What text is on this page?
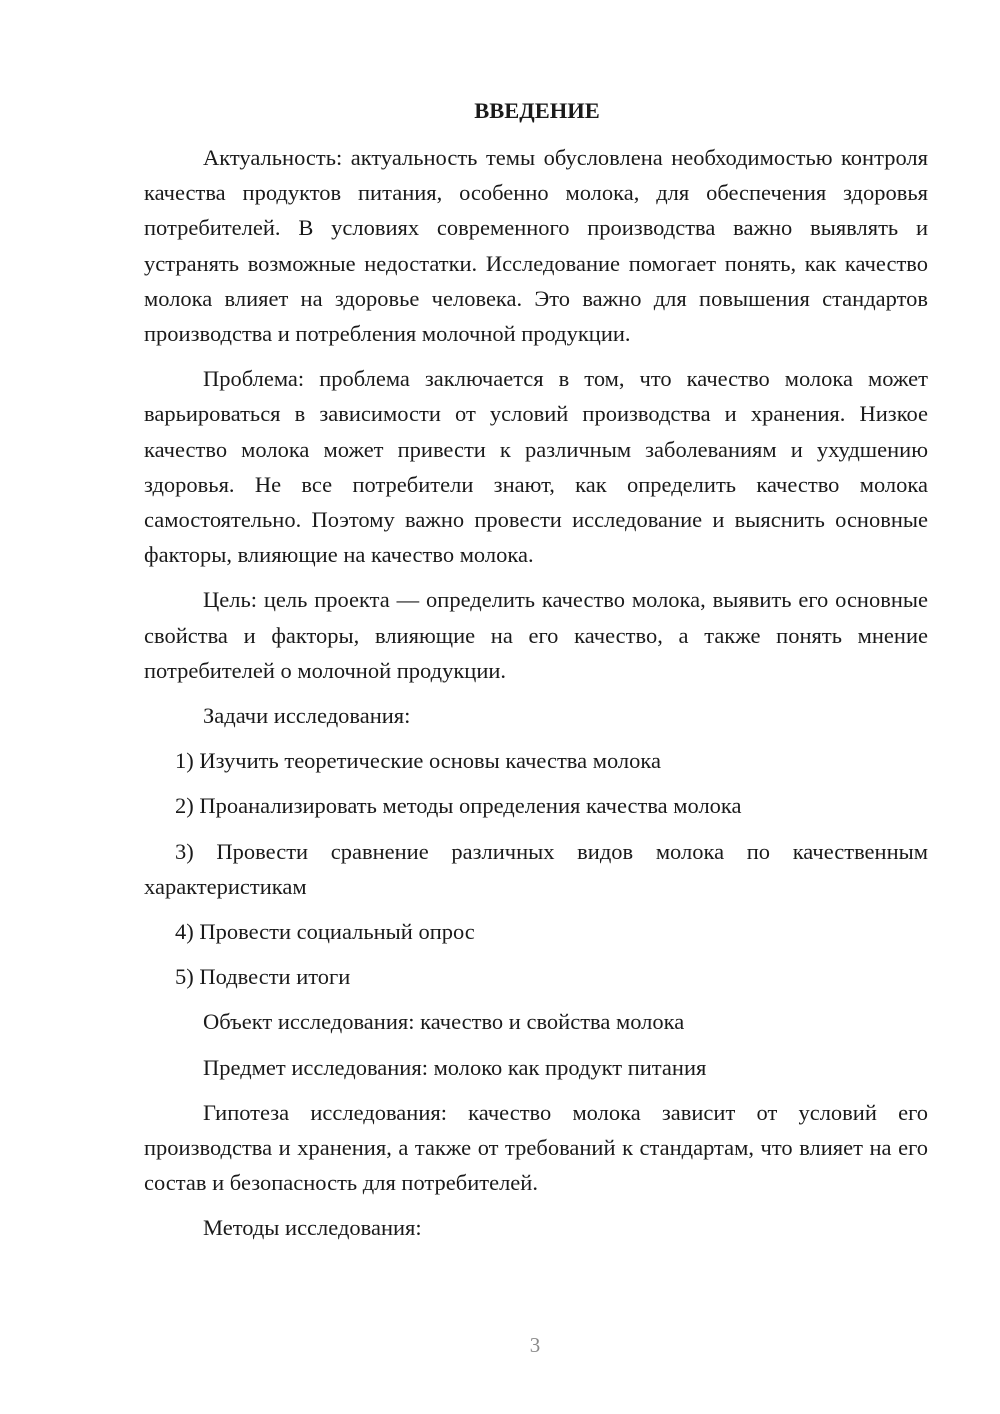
ВВЕДЕНИЕ

Актуальность: актуальность темы обусловлена необходимостью контроля качества продуктов питания, особенно молока, для обеспечения здоровья потребителей. В условиях современного производства важно выявлять и устранять возможные недостатки. Исследование помогает понять, как качество молока влияет на здоровье человека. Это важно для повышения стандартов производства и потребления молочной продукции.

Проблема: проблема заключается в том, что качество молока может варьироваться в зависимости от условий производства и хранения. Низкое качество молока может привести к различным заболеваниям и ухудшению здоровья. Не все потребители знают, как определить качество молока самостоятельно. Поэтому важно провести исследование и выяснить основные факторы, влияющие на качество молока.

Цель: цель проекта — определить качество молока, выявить его основные свойства и факторы, влияющие на его качество, а также понять мнение потребителей о молочной продукции.

Задачи исследования:

1) Изучить теоретические основы качества молока

2) Проанализировать методы определения качества молока

3) Провести сравнение различных видов молока по качественным характеристикам

4) Провести социальный опрос

5) Подвести итоги

Объект исследования: качество и свойства молока

Предмет исследования: молоко как продукт питания

Гипотеза исследования: качество молока зависит от условий его производства и хранения, а также от требований к стандартам, что влияет на его состав и безопасность для потребителей.

Методы исследования:

3
